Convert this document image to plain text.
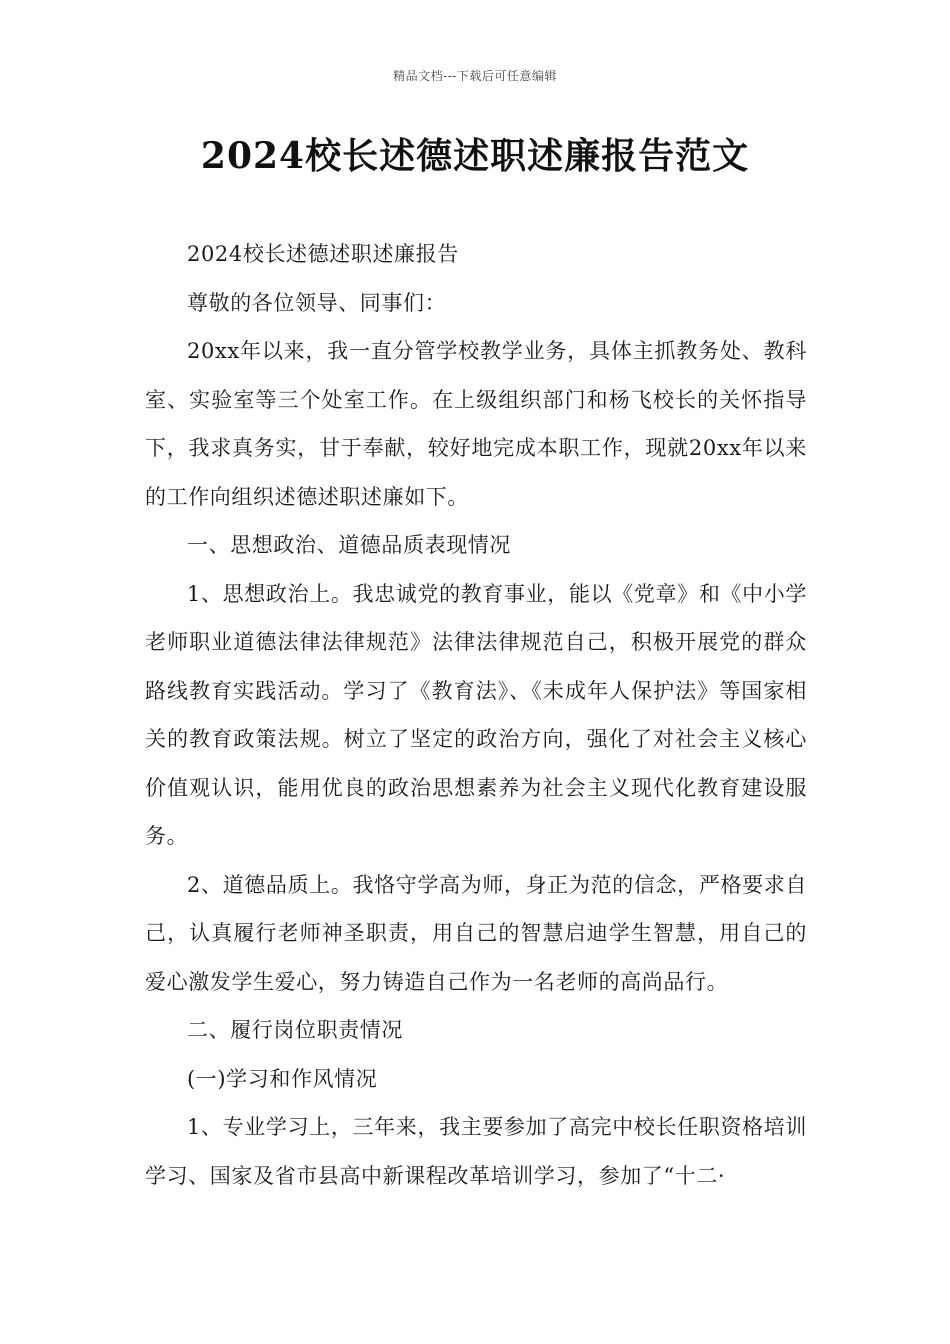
精品文档---下载后可任意编辑
2024校长述德述职述廉报告范文

2024校长述德述职述廉报告

尊敬的各位领导、同事们：

20xx年以来，我一直分管学校教学业务，具体主抓教务处、教科室、实验室等三个处室工作。在上级组织部门和杨飞校长的关怀指导下，我求真务实，甘于奉献，较好地完成本职工作，现就20xx年以来的工作向组织述德述职述廉如下。

一、思想政治、道德品质表现情况

1、思想政治上。我忠诚党的教育事业，能以《党章》和《中小学老师职业道德法律法律规范》法律法律规范自己，积极开展党的群众路线教育实践活动。学习了《教育法》、《未成年人保护法》等国家相关的教育政策法规。树立了坚定的政治方向，强化了对社会主义核心价值观认识，能用优良的政治思想素养为社会主义现代化教育建设服务。

2、道德品质上。我恪守学高为师，身正为范的信念，严格要求自己，认真履行老师神圣职责，用自己的智慧启迪学生智慧，用自己的爱心激发学生爱心，努力铸造自己作为一名老师的高尚品行。

二、履行岗位职责情况

(一)学习和作风情况

1、专业学习上，三年来，我主要参加了高完中校长任职资格培训学习、国家及省市县高中新课程改革培训学习，参加了“十二·
